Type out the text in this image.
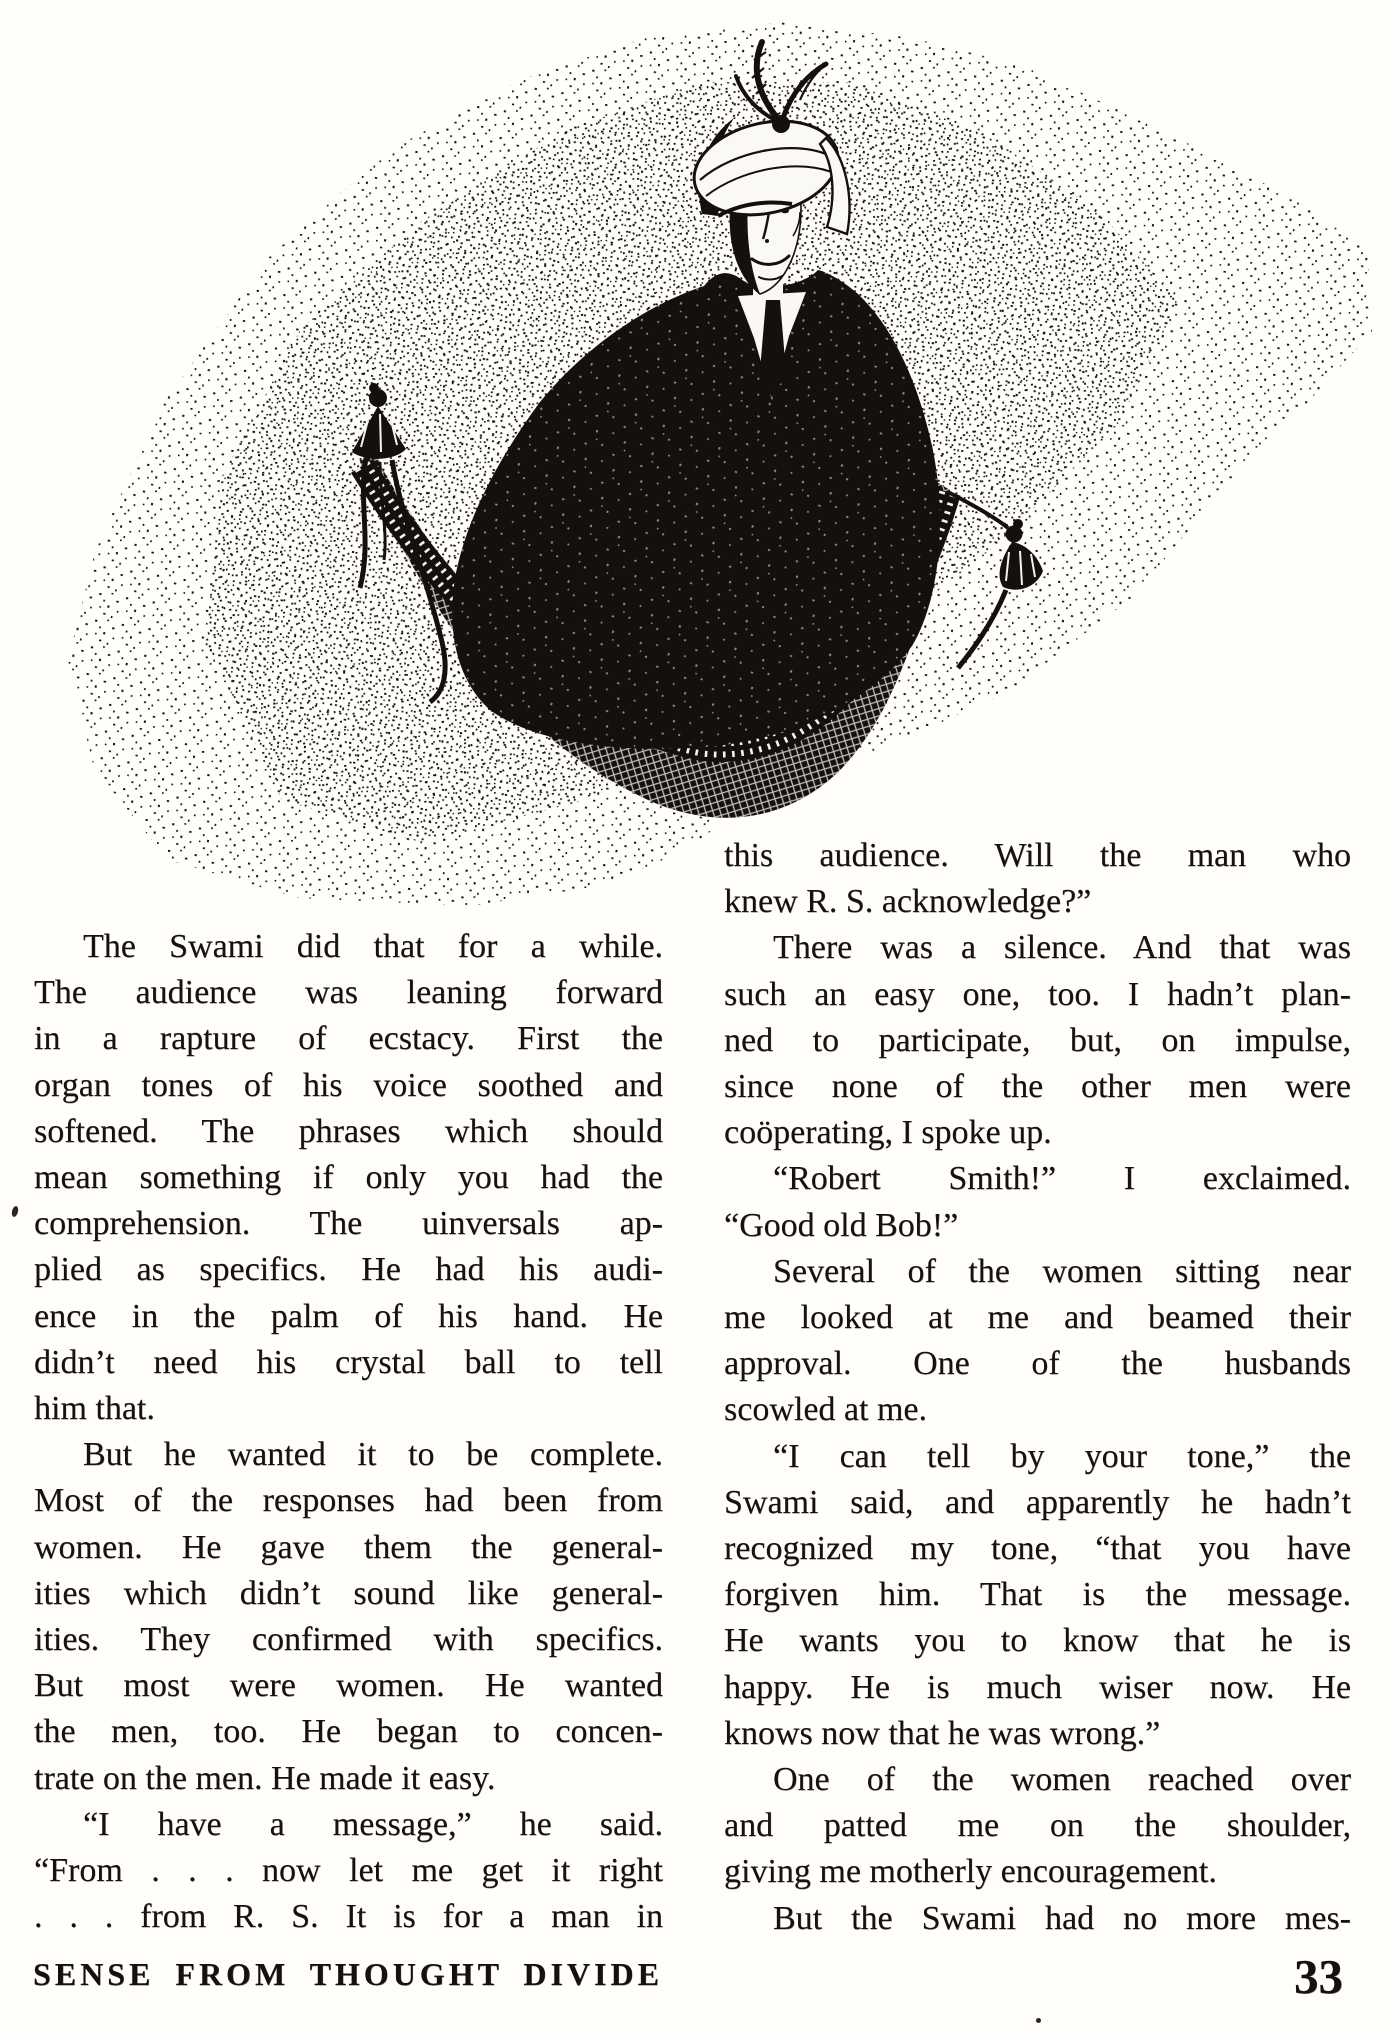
The Swami did that for a while.
The audience was leaning forward
in a rapture of ecstacy. First the
organ tones of his voice soothed and
softened. The phrases which should
mean something if only you had the
comprehension. The uinversals ap-
plied as specifics. He had his audi-
ence in the palm of his hand. He
didn’t need his crystal ball to tell
him that.
But he wanted it to be complete.
Most of the responses had been from
women. He gave them the general-
ities which didn’t sound like general-
ities. They confirmed with specifics.
But most were women. He wanted
the men, too. He began to concen-
trate on the men. He made it easy.
“I have a message,” he said.
“From . . . now let me get it right
. . . from R. S. It is for a man in
this audience. Will the man who
knew R. S. acknowledge?”
There was a silence. And that was
such an easy one, too. I hadn’t plan-
ned to participate, but, on impulse,
since none of the other men were
coöperating, I spoke up.
“Robert Smith!” I exclaimed.
“Good old Bob!”
Several of the women sitting near
me looked at me and beamed their
approval. One of the husbands
scowled at me.
“I can tell by your tone,” the
Swami said, and apparently he hadn’t
recognized my tone, “that you have
forgiven him. That is the message.
He wants you to know that he is
happy. He is much wiser now. He
knows now that he was wrong.”
One of the women reached over
and patted me on the shoulder,
giving me motherly encouragement.
But the Swami had no more mes-
SENSE FROM THOUGHT DIVIDE	33
